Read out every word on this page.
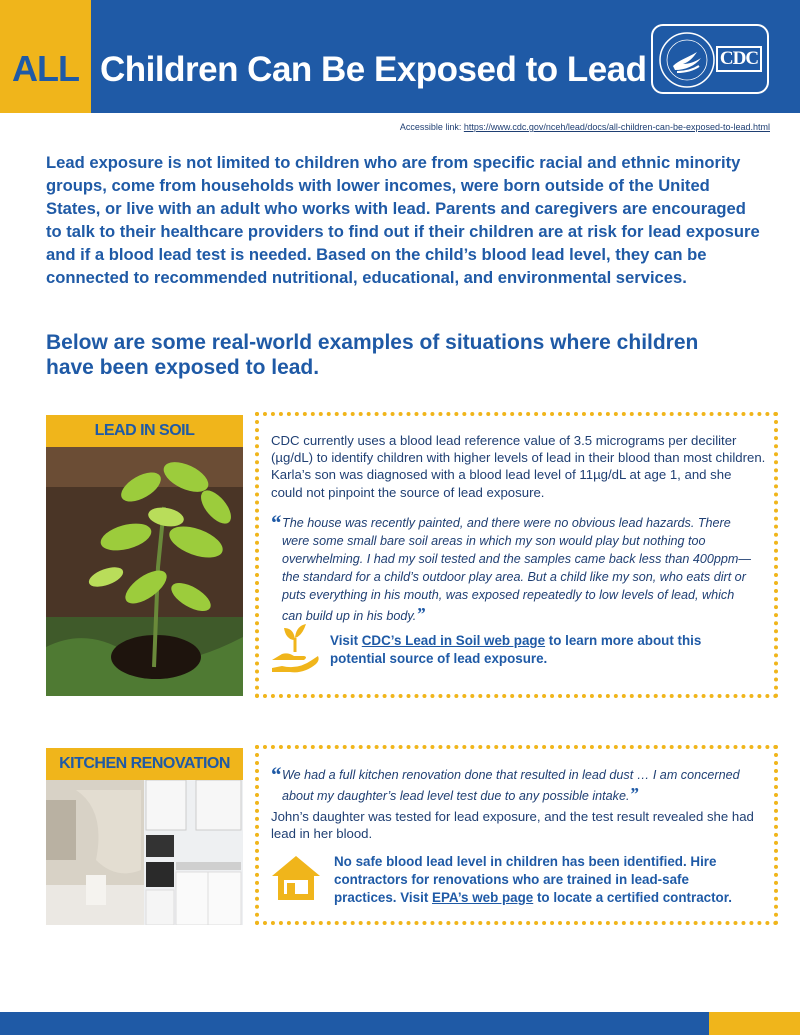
ALL Children Can Be Exposed to Lead	CDC
Accessible link: https://www.cdc.gov/nceh/lead/docs/all-children-can-be-exposed-to-lead.html

Lead exposure is not limited to children who are from specific racial and ethnic minority groups, come from households with lower incomes, were born outside of the United States, or live with an adult who works with lead. Parents and caregivers are encouraged to talk to their healthcare providers to find out if their children are at risk for lead exposure and if a blood lead test is needed. Based on the child’s blood lead level, they can be connected to recommended nutritional, educational, and environmental services.

Below are some real-world examples of situations where children have been exposed to lead.
LEAD IN SOIL

CDC currently uses a blood lead reference value of 3.5 micrograms per deciliter (µg/dL) to identify children with higher levels of lead in their blood than most children. Karla’s son was diagnosed with a blood lead level of 11µg/dL at age 1, and she could not pinpoint the source of lead exposure.

“ The house was recently painted, and there were no obvious lead hazards. There were some small bare soil areas in which my son would play but nothing too overwhelming. I had my soil tested and the samples came back less than 400ppm—the standard for a child’s outdoor play area. But a child like my son, who eats dirt or puts everything in his mouth, was exposed repeatedly to low levels of lead, which can build up in his body.”

Visit CDC’s Lead in Soil web page to learn more about this potential source of lead exposure.

KITCHEN RENOVATION	“ We had a full kitchen renovation done that resulted in lead dust … I am concerned about my daughter’s lead level test due to any possible intake.”

John’s daughter was tested for lead exposure, and the test result revealed she had lead in her blood.

No safe blood lead level in children has been identified. Hire contractors for renovations who are trained in lead-safe practices. Visit EPA’s web page to locate a certified contractor.
